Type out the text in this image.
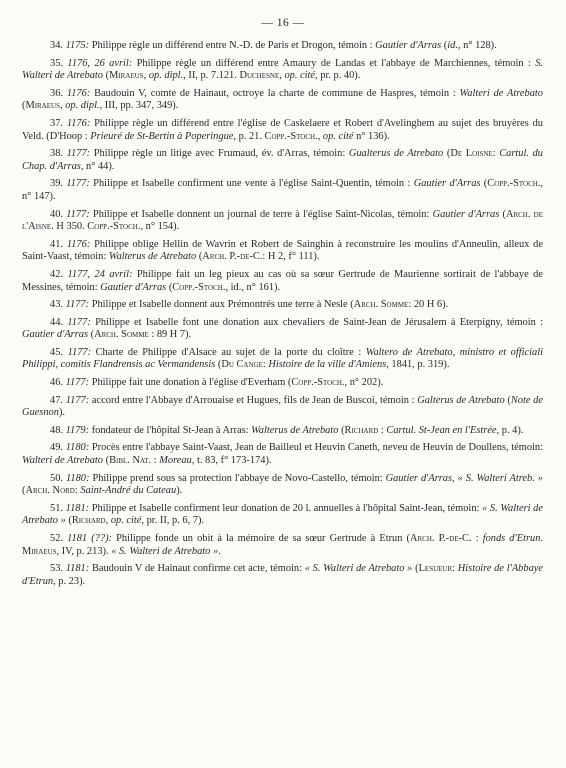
— 16 —

34. 1175: Philippe règle un différend entre N.-D. de Paris et Drogon, témoin : Gautier d'Arras (id., n° 128).

35. 1176, 26 avril: Philippe règle un différend entre Amaury de Landas et l'abbaye de Marchiennes, témoin : S. Walteri de Atrebato (Miraeus, op. dipl., II, p. 7.121. Duchesne, op. cité, pr. p. 40).

36. 1176: Baudouin V, comte de Hainaut, octroye la charte de commune de Haspres, témoin : Walteri de Atrebato (Miraeus, op. dipl., III, pp. 347, 349).

37. 1176: Philippe règle un différend entre l'église de Caskelaere et Robert d'Avelinghem au sujet des bruyères du Veld. (D'Hoop : Prieuré de St-Bertin à Poperingue, p. 21. Copp.-Stoch., op. cité n° 136).

38. 1177: Philippe règle un litige avec Frumaud, év. d'Arras, témoin: Gualterus de Atrebato (De Loisne: Cartul. du Chap. d'Arras, n° 44).

39. 1177: Philippe et Isabelle confirment une vente à l'église Saint-Quentin, témoin : Gautier d'Arras (Copp.-Stoch., n° 147).

40. 1177: Philippe et Isabelle donnent un journal de terre à l'église Saint-Nicolas, témoin: Gautier d'Arras (Arch. de l'Aisne. H 350. Copp.-Stoch., n° 154).

41. 1176: Philippe oblige Hellin de Wavrin et Robert de Sainghin à reconstruire les moulins d'Anneulin, alleux de Saint-Vaast, témoin: Walterus de Atrebato (Arch. P.-de-C.: H 2, f° 111).

42. 1177, 24 avril: Philippe fait un leg pieux au cas où sa sœur Gertrude de Maurienne sortirait de l'abbaye de Messines, témoin: Gautier d'Arras (Copp.-Stoch., id., n° 161).

43. 1177: Philippe et Isabelle donnent aux Prémontrés une terre à Nesle (Arch. Somme: 20 H 6).

44. 1177: Philippe et Isabelle font une donation aux chevaliers de Saint-Jean de Jérusalem à Eterpigny, témoin : Gautier d'Arras (Arch. Somme : 89 H 7).

45. 1177: Charte de Philippe d'Alsace au sujet de la porte du cloître : Waltero de Atrebato, ministro et officiali Philippi, comitis Flandrensis ac Vermandensis (Du Cange: Histoire de la ville d'Amiens, 1841, p. 319).

46. 1177: Philippe fait une donation à l'église d'Everham (Copp.-Stoch., n° 202).

47. 1177: accord entre l'Abbaye d'Arrouaise et Hugues, fils de Jean de Buscoi, témoin : Galterus de Atrebato (Note de Guesnon).

48. 1179: fondateur de l'hôpital St-Jean à Arras: Walterus de Atrebato (Richard : Cartul. St-Jean en l'Estrée, p. 4).

49. 1180: Procès entre l'abbaye Saint-Vaast, Jean de Bailleul et Heuvin Caneth, neveu de Heuvin de Doullens, témoin: Walteri de Atrebato (Bibl. Nat. : Moreau, t. 83, f° 173-174).

50. 1180: Philippe prend sous sa protection l'abbaye de Novo-Castello, témoin: Gautier d'Arras, « S. Walteri Atreb. » (Arch. Nord: Saint-André du Cateau).

51. 1181: Philippe et Isabelle confirment leur donation de 20 l. annuelles à l'hôpital Saint-Jean, témoin: « S. Walteri de Atrebato » (Richard, op. cité, pr. II, p. 6, 7).

52. 1181 (??): Philippe fonde un obit à la mémoire de sa sœur Gertrude à Etrun (Arch. P.-de-C. : fonds d'Etrun. Miraeus, IV, p. 213). « S. Walteri de Atrebato ».

53. 1181: Baudouin V de Hainaut confirme cet acte, témoin: « S. Walteri de Atrebato » (Lesueur: Histoire de l'Abbaye d'Etrun, p. 23).
